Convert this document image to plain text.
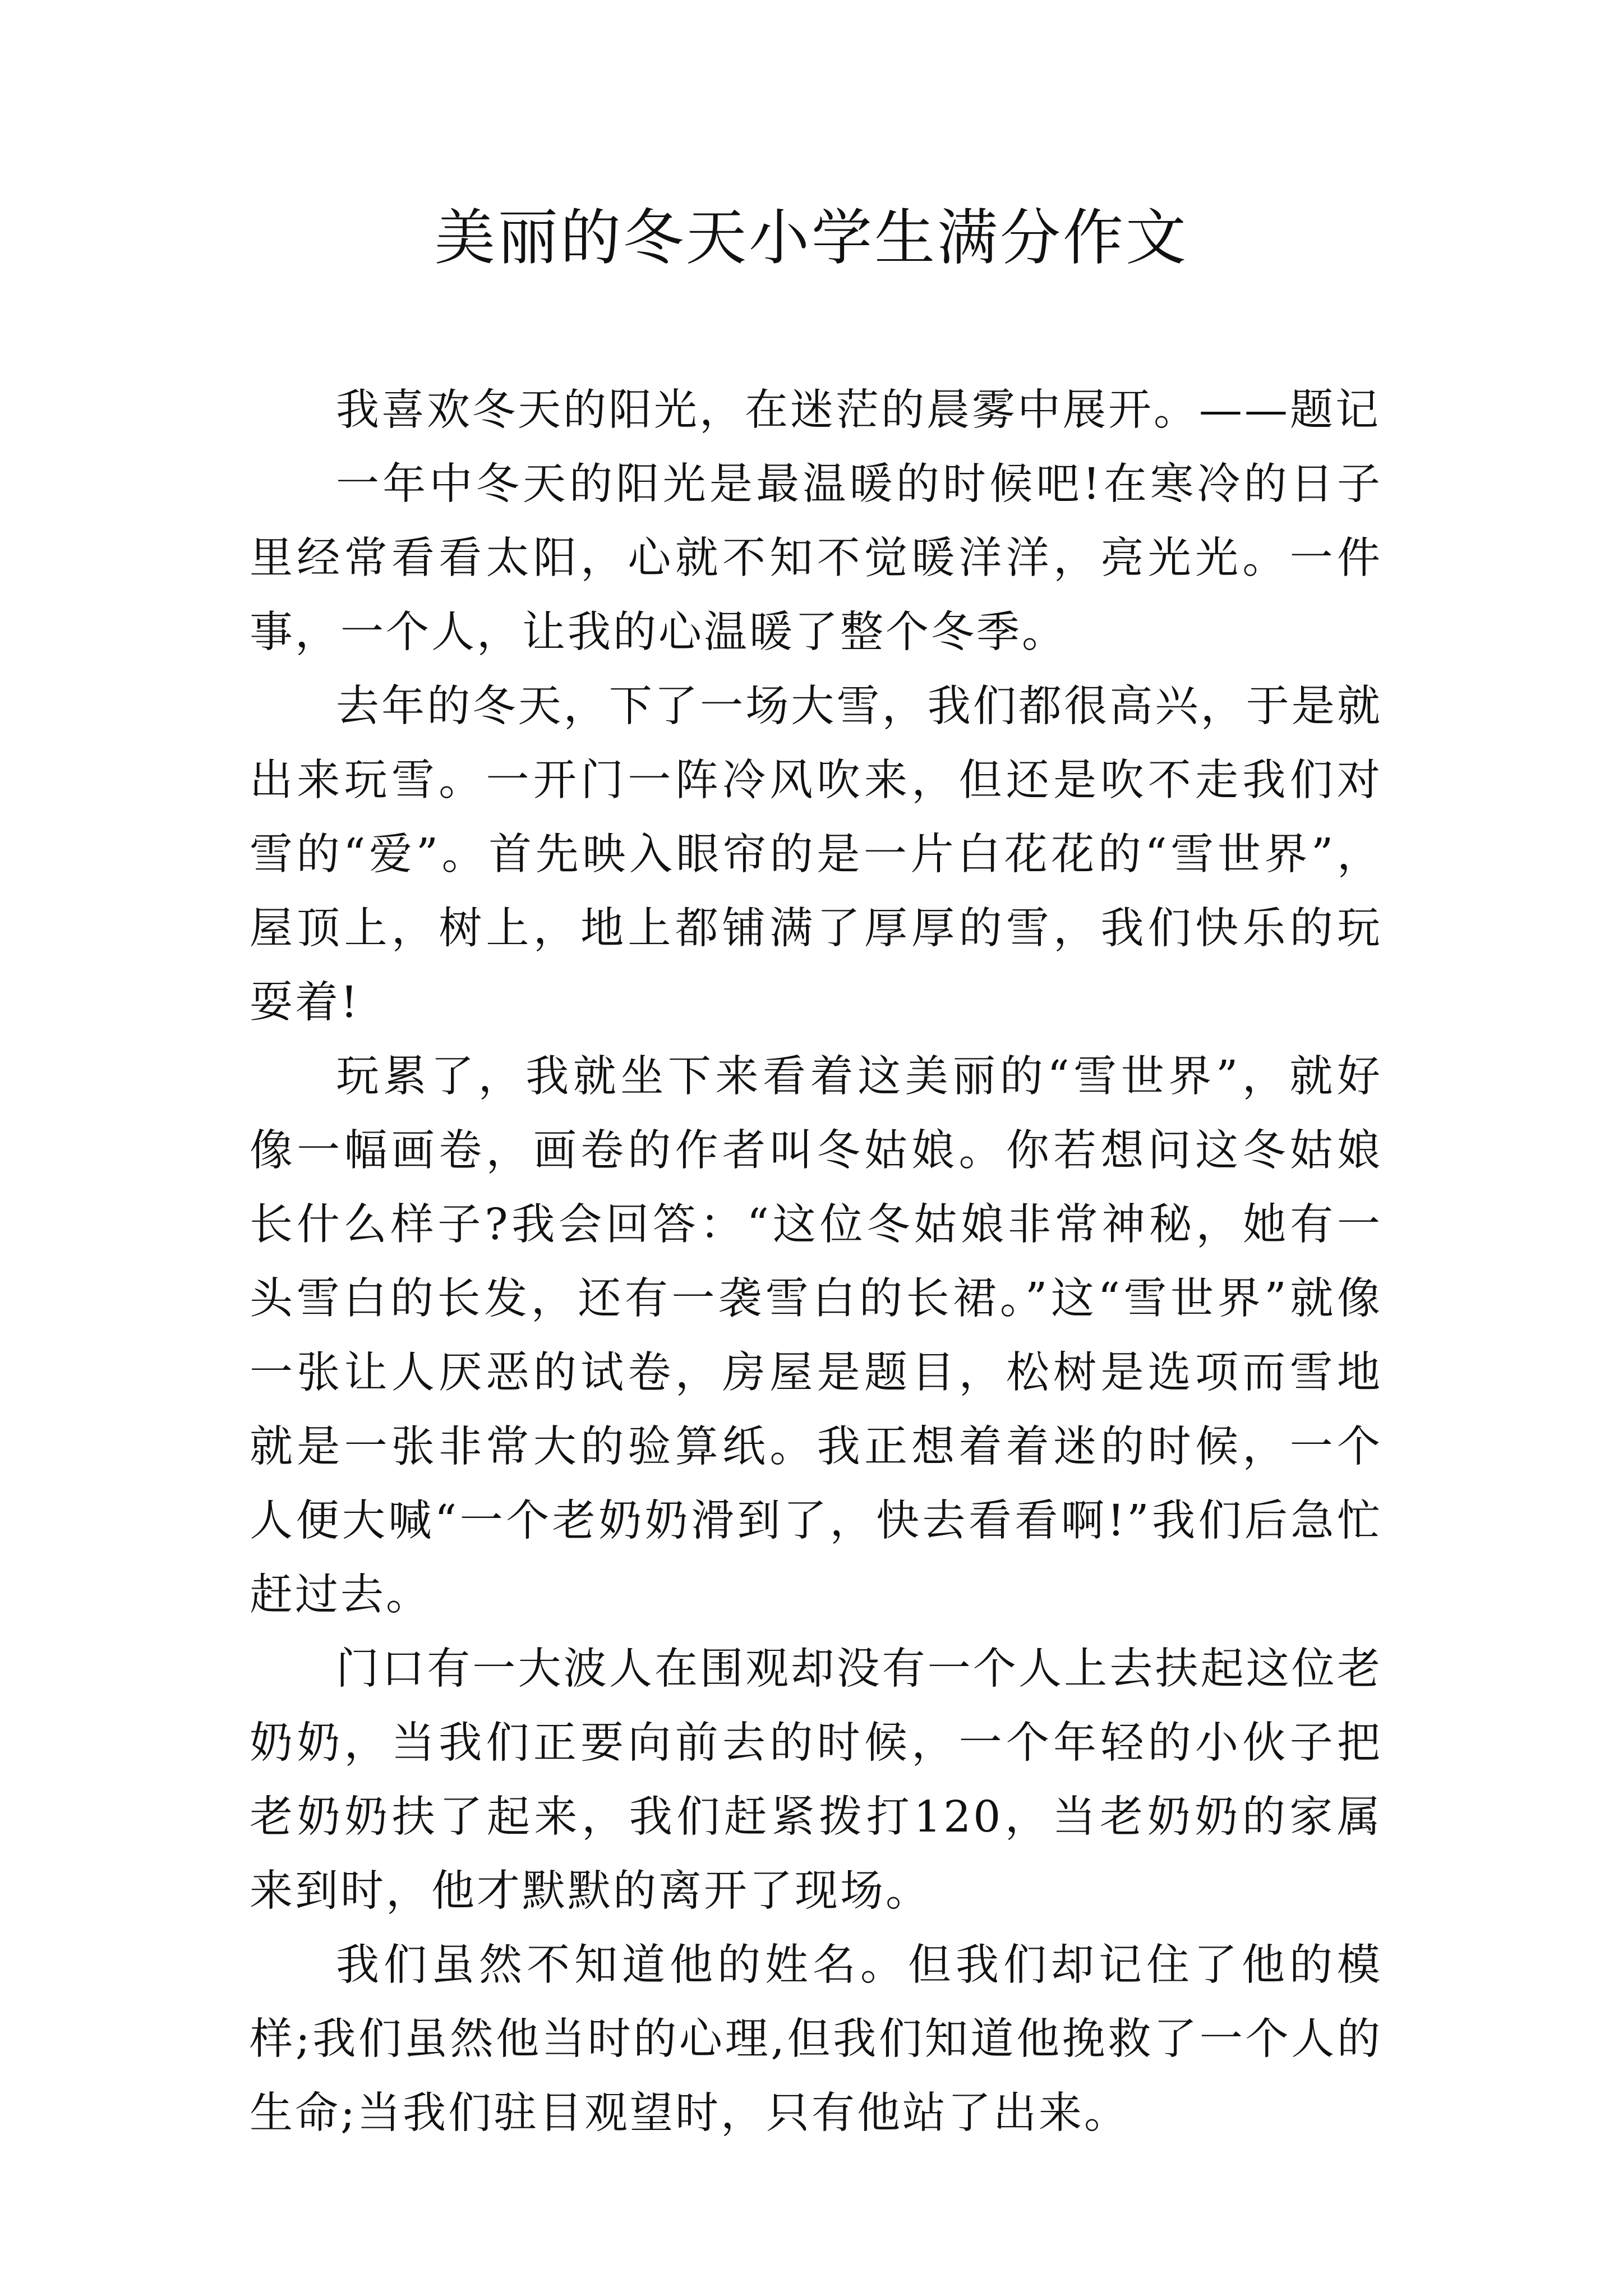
美丽的冬天小学生满分作文

我喜欢冬天的阳光，在迷茫的晨雾中展开。——题记

一年中冬天的阳光是最温暖的时候吧!在寒冷的日子里经常看看太阳，心就不知不觉暖洋洋，亮光光。一件事，一个人，让我的心温暖了整个冬季。

去年的冬天，下了一场大雪，我们都很高兴，于是就出来玩雪。一开门一阵冷风吹来，但还是吹不走我们对雪的“爱”。首先映入眼帘的是一片白花花的“雪世界”，屋顶上，树上，地上都铺满了厚厚的雪，我们快乐的玩耍着!

玩累了，我就坐下来看着这美丽的“雪世界”，就好像一幅画卷，画卷的作者叫冬姑娘。你若想问这冬姑娘长什么样子?我会回答：“这位冬姑娘非常神秘，她有一头雪白的长发，还有一袭雪白的长裙。”这“雪世界”就像一张让人厌恶的试卷，房屋是题目，松树是选项而雪地就是一张非常大的验算纸。我正想着着迷的时候，一个人便大喊“一个老奶奶滑到了，快去看看啊!”我们后急忙赶过去。

门口有一大波人在围观却没有一个人上去扶起这位老奶奶，当我们正要向前去的时候，一个年轻的小伙子把老奶奶扶了起来，我们赶紧拨打120，当老奶奶的家属来到时，他才默默的离开了现场。

我们虽然不知道他的姓名。但我们却记住了他的模样;我们虽然他当时的心理,但我们知道他挽救了一个人的生命;当我们驻目观望时，只有他站了出来。
